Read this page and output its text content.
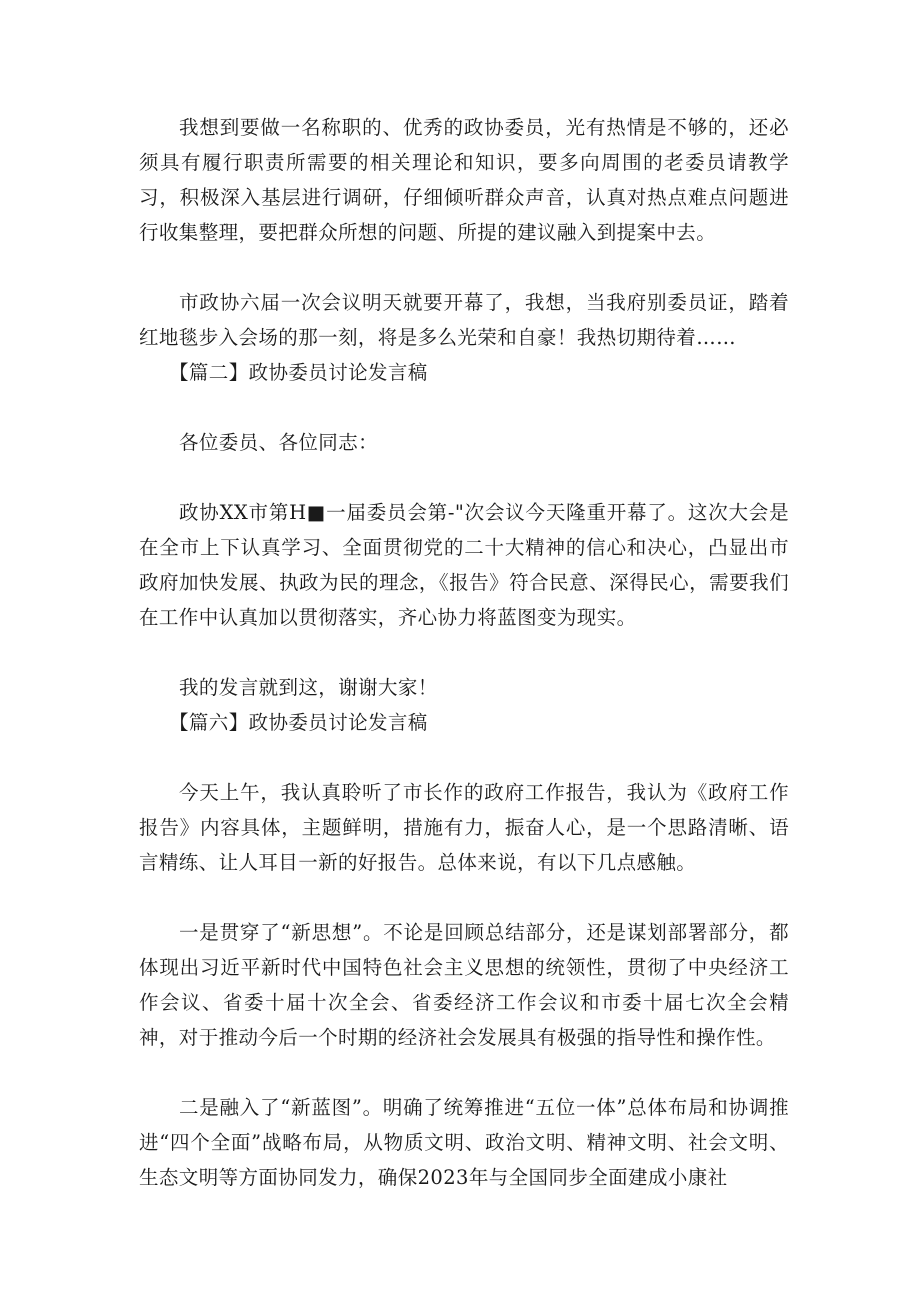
我想到要做一名称职的、优秀的政协委员，光有热情是不够的，还必须具有履行职责所需要的相关理论和知识，要多向周围的老委员请教学习，积极深入基层进行调研，仔细倾听群众声音，认真对热点难点问题进行收集整理，要把群众所想的问题、所提的建议融入到提案中去。

市政协六届一次会议明天就要开幕了，我想，当我府别委员证，踏着红地毯步入会场的那一刻，将是多么光荣和自豪！我热切期待着……

【篇二】政协委员讨论发言稿

各位委员、各位同志：

政协XX市第H■一届委员会第-"次会议今天隆重开幕了。这次大会是在全市上下认真学习、全面贯彻党的二十大精神的信心和决心，凸显出市政府加快发展、执政为民的理念，《报告》符合民意、深得民心，需要我们在工作中认真加以贯彻落实，齐心协力将蓝图变为现实。

我的发言就到这，谢谢大家！

【篇六】政协委员讨论发言稿

今天上午，我认真聆听了市长作的政府工作报告，我认为《政府工作报告》内容具体，主题鲜明，措施有力，振奋人心，是一个思路清晰、语言精练、让人耳目一新的好报告。总体来说，有以下几点感触。

一是贯穿了“新思想”。不论是回顾总结部分，还是谋划部署部分，都体现出习近平新时代中国特色社会主义思想的统领性，贯彻了中央经济工作会议、省委十届十次全会、省委经济工作会议和市委十届七次全会精神，对于推动今后一个时期的经济社会发展具有极强的指导性和操作性。

二是融入了“新蓝图”。明确了统筹推进“五位一体”总体布局和协调推进“四个全面”战略布局，从物质文明、政治文明、精神文明、社会文明、生态文明等方面协同发力，确保2023年与全国同步全面建成小康社
